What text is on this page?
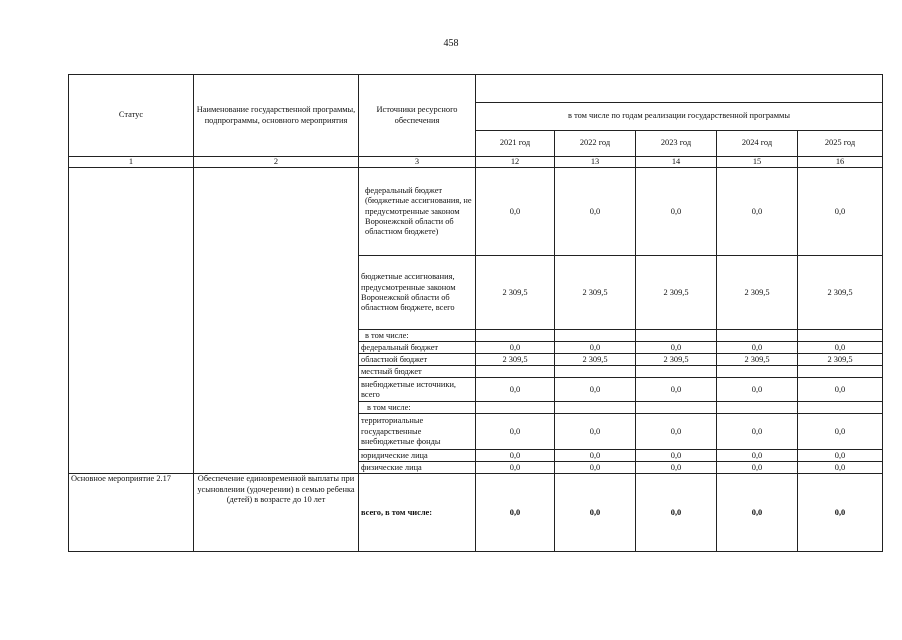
458
Статус	Наименование государственной программы, подпрограммы, основного мероприятия	Источники ресурсного обеспечения					
			в том числе по годам реализации государственной программы				
			2021 год	2022 год	2023 год	2024 год	2025 год
1	2	3	12	13	14	15	16
		федеральный бюджет (бюджетные ассигнования, не предусмотренные законом Воронежской области об областном бюджете)	0,0	0,0	0,0	0,0	0,0
		бюджетные ассигнования, предусмотренные законом Воронежской области об областном бюджете, всего	2 309,5	2 309,5	2 309,5	2 309,5	2 309,5
		в том числе:					
		федеральный бюджет	0,0	0,0	0,0	0,0	0,0
		областной бюджет	2 309,5	2 309,5	2 309,5	2 309,5	2 309,5
		местный бюджет					
		внебюджетные источники, всего	0,0	0,0	0,0	0,0	0,0
		в том числе:					
		территориальные государственные внебюджетные фонды	0,0	0,0	0,0	0,0	0,0
		юридические лица	0,0	0,0	0,0	0,0	0,0
		физические лица	0,0	0,0	0,0	0,0	0,0
Основное мероприятие 2.17	Обеспечение единовременной выплаты при усыновлении (удочерении) в семью ребенка (детей) в возрасте до 10 лет	всего, в том числе:	0,0	0,0	0,0	0,0	0,0
